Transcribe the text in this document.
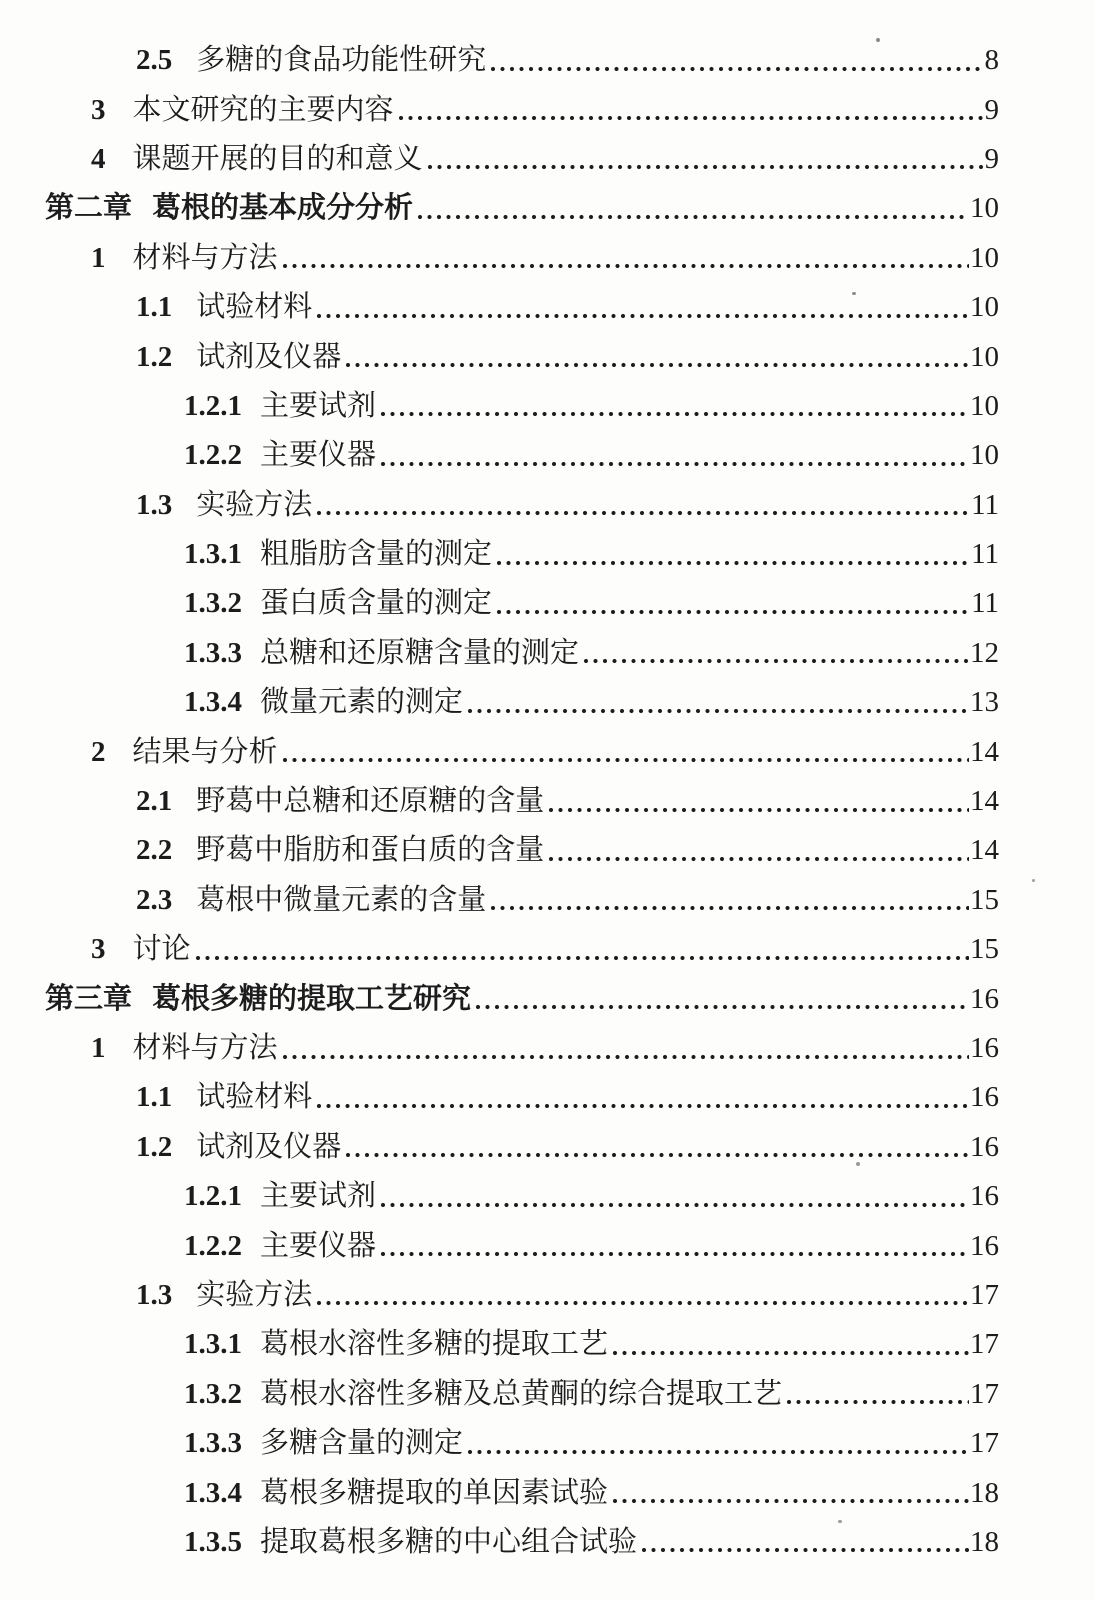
2.5 多糖的食品功能性研究	8
3 本文研究的主要内容	9
4 课题开展的目的和意义	9
第二章 葛根的基本成分分析	10
1 材料与方法	10
1.1 试验材料	10
1.2 试剂及仪器	10
1.2.1 主要试剂	10
1.2.2 主要仪器	10
1.3 实验方法	11
1.3.1 粗脂肪含量的测定	11
1.3.2 蛋白质含量的测定	11
1.3.3 总糖和还原糖含量的测定	12
1.3.4 微量元素的测定	13
2 结果与分析	14
2.1 野葛中总糖和还原糖的含量	14
2.2 野葛中脂肪和蛋白质的含量	14
2.3 葛根中微量元素的含量	15
3 讨论	15
第三章 葛根多糖的提取工艺研究	16
1 材料与方法	16
1.1 试验材料	16
1.2 试剂及仪器	16
1.2.1 主要试剂	16
1.2.2 主要仪器	16
1.3 实验方法	17
1.3.1 葛根水溶性多糖的提取工艺	17
1.3.2 葛根水溶性多糖及总黄酮的综合提取工艺	17
1.3.3 多糖含量的测定	17
1.3.4 葛根多糖提取的单因素试验	18
1.3.5 提取葛根多糖的中心组合试验	18
